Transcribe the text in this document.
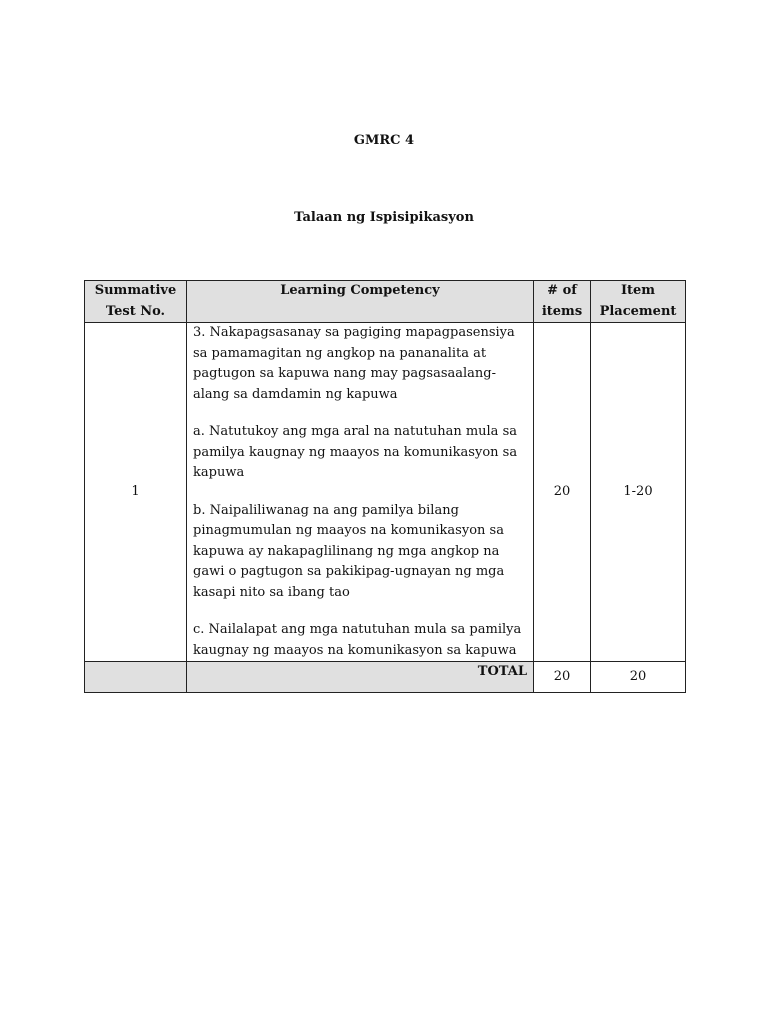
GMRC 4
Talaan ng Ispisipikasyon
Summative Test No.	Learning Competency	# of items	Item Placement
1	3. Nakapagsasanay sa pagiging mapagpasensiya sa pamamagitan ng angkop na pananalita at pagtugon sa kapuwa nang may pagsasaalang-alang sa damdamin ng kapuwa

a. Natutukoy ang mga aral na natutuhan mula sa pamilya kaugnay ng maayos na komunikasyon sa kapuwa

b. Naipaliliwanag na ang pamilya bilang pinagmumulan ng maayos na komunikasyon sa kapuwa ay nakapaglilinang ng mga angkop na gawi o pagtugon sa pakikipag-ugnayan ng mga kasapi nito sa ibang tao

c. Nailalapat ang mga natutuhan mula sa pamilya kaugnay ng maayos na komunikasyon sa kapuwa	20	1-20
	TOTAL	20	20
